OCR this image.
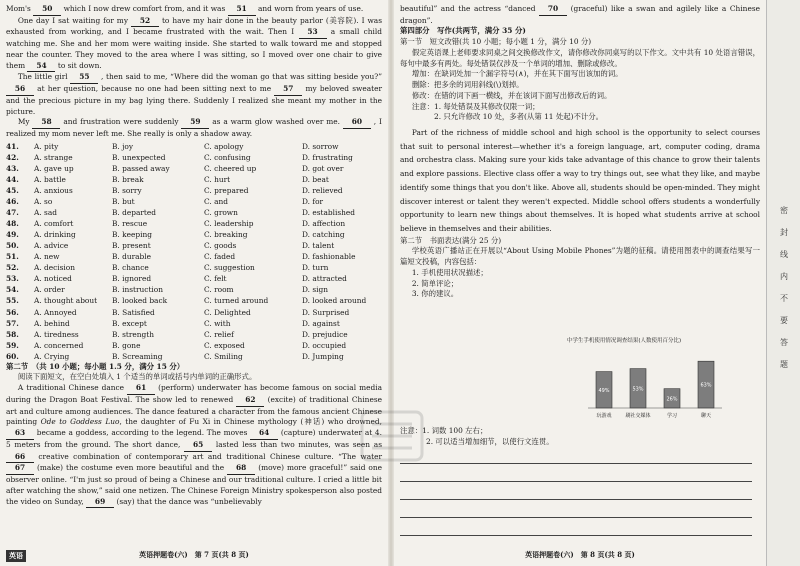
Mom's 50 which I now drew comfort from, and it was 51 and worn from years of use.
One day I sat waiting for my 52 to have my hair done in the beauty parlor (美容院). I was exhausted from working, and I became frustrated with the wait. Then I 53 a small child watching me. She and her mom were waiting inside. She started to walk toward me and stopped near the counter. They moved to the area where I was sitting, so I moved over one chair to give them 54 to sit down.
The little girl 55 , then said to me, “Where did the woman go that was sitting beside you?” 56 at her question, because no one had been sitting next to me 57 my beloved sweater and the precious picture in my bag lying there. Suddenly I realized she meant my mother in the picture.
My 58 and frustration were suddenly 59 as a warm glow washed over me. 60 , I realized my mom never left me. She really is only a shadow away.
41.	A. pity	B. joy	C. apology	D. sorrow
42.	A. strange	B. unexpected	C. confusing	D. frustrating
43.	A. gave up	B. passed away	C. cheered up	D. got over
44.	A. battle	B. break	C. hurt	D. beat
45.	A. anxious	B. sorry	C. prepared	D. relieved
46.	A. so	B. but	C. and	D. for
47.	A. sad	B. departed	C. grown	D. established
48.	A. comfort	B. rescue	C. leadership	D. affection
49.	A. drinking	B. keeping	C. breaking	D. catching
50.	A. advice	B. present	C. goods	D. talent
51.	A. new	B. durable	C. faded	D. fashionable
52.	A. decision	B. chance	C. suggestion	D. turn
53.	A. noticed	B. ignored	C. felt	D. attracted
54.	A. order	B. instruction	C. room	D. sign
55.	A. thought about	B. looked back	C. turned around	D. looked around
56.	A. Annoyed	B. Satisfied	C. Delighted	D. Surprised
57.	A. behind	B. except	C. with	D. against
58.	A. tiredness	B. strength	C. relief	D. prejudice
59.	A. concerned	B. gone	C. exposed	D. occupied
60.	A. Crying	B. Screaming	C. Smiling	D. Jumping
第二节　（共 10 小题；每小题 1.5 分，满分 15 分）
阅读下面短文，在空白处填入 1 个适当的单词或括号内单词的正确形式。
A traditional Chinese dance 61 (perform) underwater has become famous on social media during the Dragon Boat Festival. The show led to renewed 62 (excite) of traditional Chinese art and culture among audiences. The dance featured a character from the famous ancient Chinese painting Ode to Goddess Luo, the daughter of Fu Xi in Chinese mythology (神话) who drowned, 63 became a goddess, according to the legend. The moves 64 (capture) underwater at 4. 5 meters from the ground. The short dance, 65 lasted less than two minutes, was seen as 66 creative combination of contemporary art and traditional Chinese culture. “The water 67 (make) the costume even more beautiful and the 68 (move) more graceful!” said one observer online. “I'm just so proud of being a Chinese and our traditional culture. I cried a little bit after watching the show,” said one netizen. The Chinese Foreign Ministry spokesperson also posted the video on Sunday, 69 (say) that the dance was “unbelievably
英语押题卷(六)　第 7 页(共 8 页)
英语
beautiful” and the actress “danced 70 (graceful) like a swan and agilely like a Chinese dragon”.
第四部分　写作(共两节，满分 35 分)
第一节　短文改错(共 10 小题；每小题 1 分，满分 10 分)
假定英语课上老师要求同桌之间交换修改作文，请你修改你同桌写的以下作文。文中共有 10 处语言错误，每句中最多有两处。每处错误仅涉及一个单词的增加、删除或修改。
增加：在缺词处加一个漏字符号(∧)，并在其下面写出该加的词。
删除：把多余的词用斜线(\)划掉。
修改：在错的词下画一横线，并在该词下面写出修改后的词。
注意：1. 每处错误及其修改仅限一词；
2. 只允许修改 10 处，多者(从第 11 处起)不计分。
Part of the richness of middle school and high school is the opportunity to select courses that suit to personal interest—whether it's a foreign language, art, computer coding, drama and orchestra class. Making sure your kids take advantage of this chance to grow their talents and explore passions. Elective class offer a way to try things out, see what they like, and maybe identify some things that you don't like. Above all, students should be open-minded. They might discover interest or talent they weren't expected. Middle school offers students a wonderfully opportunity to learn new things about themselves. It is hoped what students arrive at school believe in themselves and their abilities.
第二节　书面表达(满分 25 分)
学校英语广播站正在开展以“About Using Mobile Phones”为题的征稿。请使用图表中的调查结果写一篇短文投稿，内容包括：
1. 手机使用状况描述；
2. 简单评论；
3. 你的建议。
中学生手机使用情况调查结果(人数使用百分比)
49%
玩游戏
53%
刷社交媒体
26%
学习
63%
聊天
注意：1. 词数 100 左右；
2. 可以适当增加细节，以使行文连贯。
英语押题卷(六)　第 8 页(共 8 页)
密
封
线
内
不
要
答
题
